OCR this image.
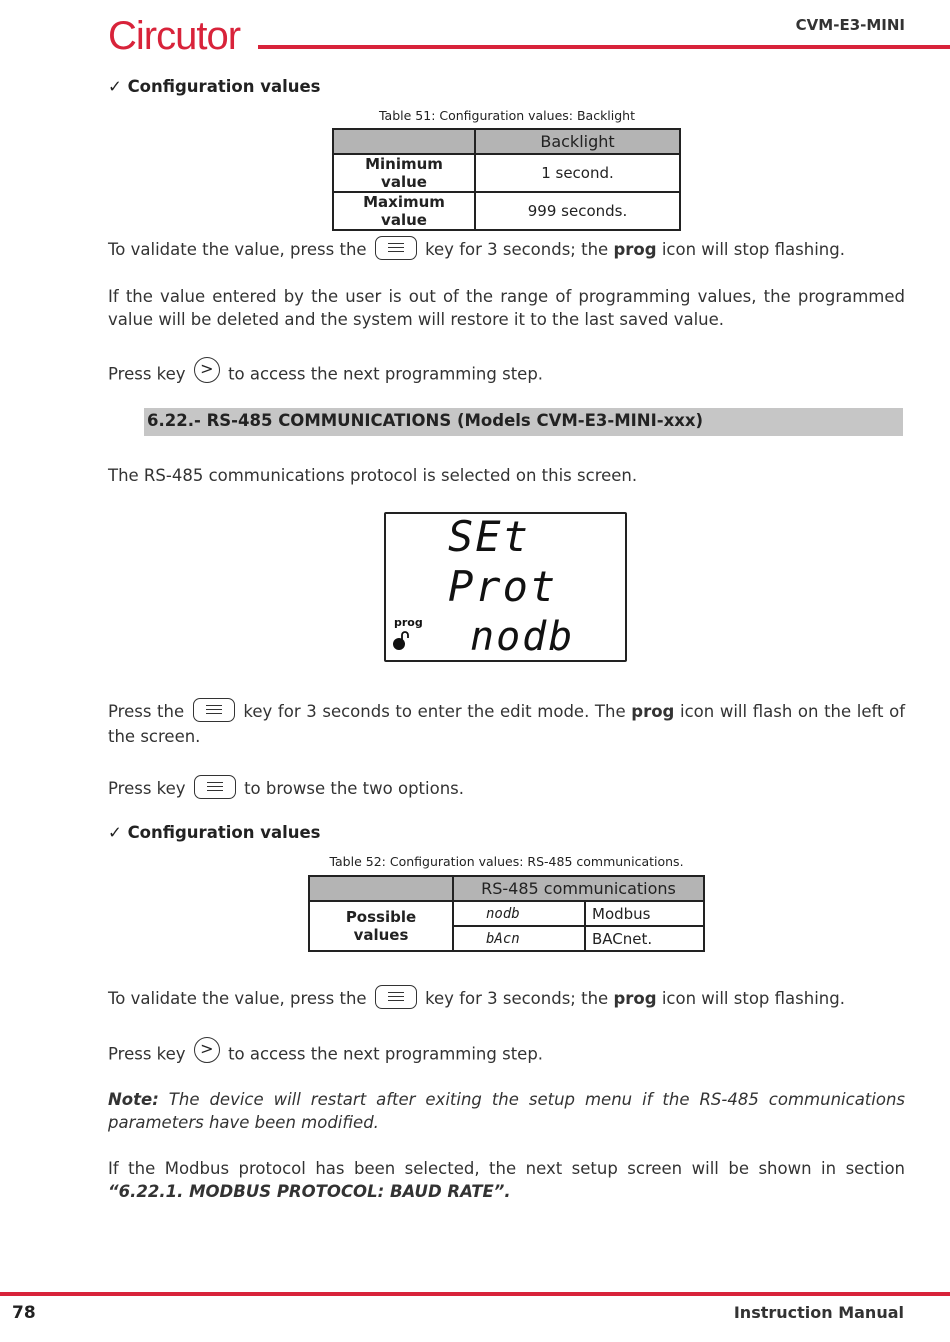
Circutor	CVM-E3-MINI
✓ Configuration values
Table 51: Configuration values: Backlight
	Backlight
Minimum value	1 second.
Maximum value	999 seconds.
To validate the value, press the	key for 3 seconds; the prog icon will stop flashing.
If the value entered by the user is out of the range of programming values, the programmed value will be deleted and the system will restore it to the last saved value.
Press key > to access the next programming step.
6.22.- RS-485 COMMUNICATIONS (Models CVM-E3-MINI-xxx)
The RS-485 communications protocol is selected on this screen.
SEt
Prot
nodb
prog
Press the	key for 3 seconds to enter the edit mode. The prog icon will flash on the left of the screen.
Press key	to browse the two options.
✓ Configuration values
Table 52: Configuration values: RS-485 communications.
	RS-485 communications	
Possible values	nodb	Modbus
	bAcn	BACnet.
To validate the value, press the	key for 3 seconds; the prog icon will stop flashing.
Press key > to access the next programming step.
Note: The device will restart after exiting the setup menu if the RS-485 communications parameters have been modified.
If the Modbus protocol has been selected, the next setup screen will be shown in section “6.22.1. MODBUS PROTOCOL: BAUD RATE”.
78	Instruction Manual
